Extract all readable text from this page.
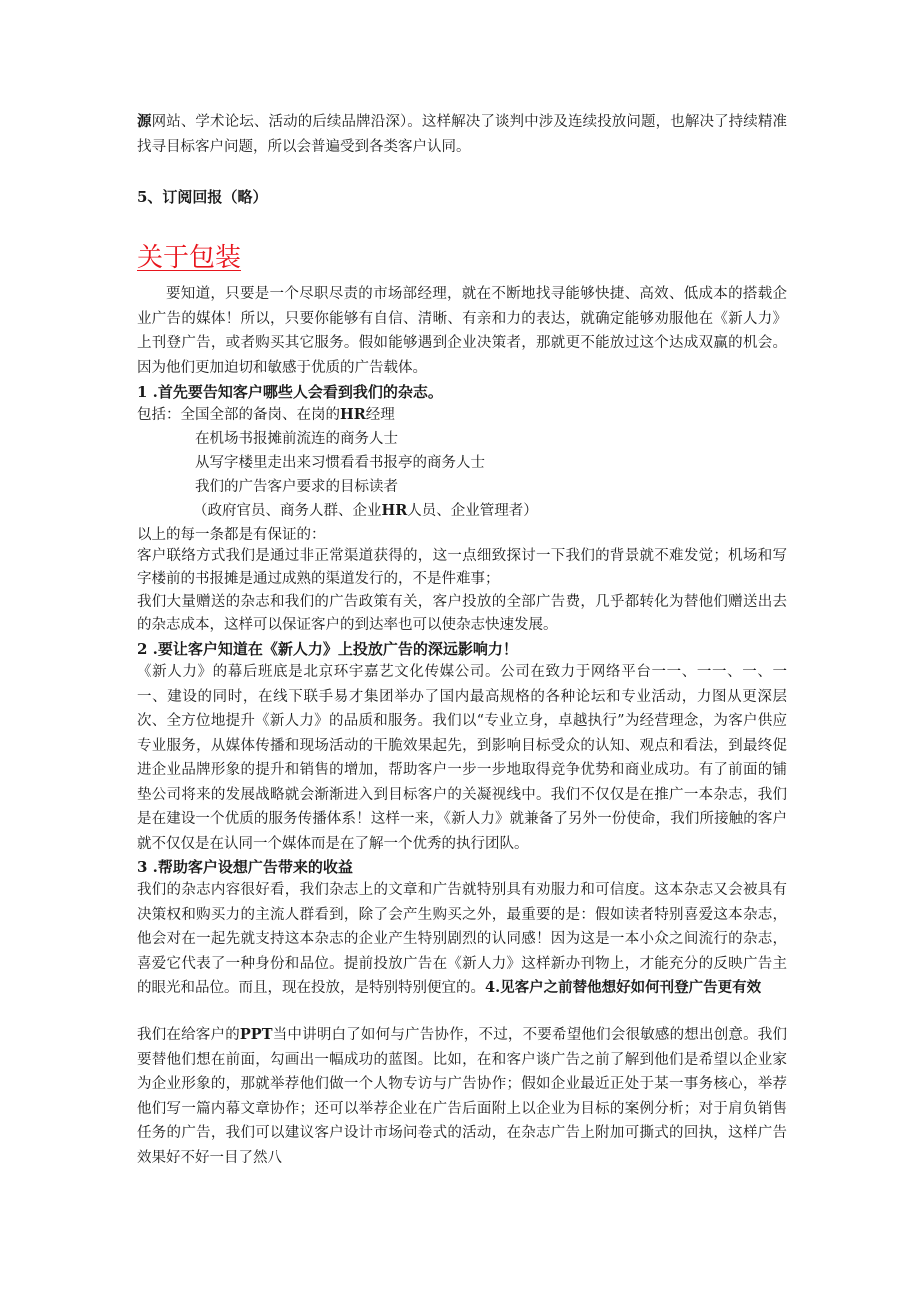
源网站、学术论坛、活动的后续品牌沿深）。这样解决了谈判中涉及连续投放问题，也解决了持续精准找寻目标客户问题，所以会普遍受到各类客户认同。

5、订阅回报（略）

关于包装

要知道，只要是一个尽职尽责的市场部经理，就在不断地找寻能够快捷、高效、低成本的搭载企业广告的媒体！所以，只要你能够有自信、清晰、有亲和力的表达，就确定能够劝服他在《新人力》上刊登广告，或者购买其它服务。假如能够遇到企业决策者，那就更不能放过这个达成双赢的机会。因为他们更加迫切和敏感于优质的广告载体。

1 .首先要告知客户哪些人会看到我们的杂志。

包括：全国全部的备岗、在岗的HR经理

在机场书报摊前流连的商务人士

从写字楼里走出来习惯看看书报亭的商务人士

我们的广告客户要求的目标读者

（政府官员、商务人群、企业HR人员、企业管理者）

以上的每一条都是有保证的：

客户联络方式我们是通过非正常渠道获得的，这一点细致探讨一下我们的背景就不难发觉；机场和写字楼前的书报摊是通过成熟的渠道发行的，不是件难事；

我们大量赠送的杂志和我们的广告政策有关，客户投放的全部广告费，几乎都转化为替他们赠送出去的杂志成本，这样可以保证客户的到达率也可以使杂志快速发展。

2 .要让客户知道在《新人力》上投放广告的深远影响力！

《新人力》的幕后班底是北京环宇嘉艺文化传媒公司。公司在致力于网络平台一一、一一、一、一一、建设的同时，在线下联手易才集团举办了国内最高规格的各种论坛和专业活动，力图从更深层次、全方位地提升《新人力》的品质和服务。我们以“专业立身，卓越执行”为经营理念，为客户供应专业服务，从媒体传播和现场活动的干脆效果起先，到影响目标受众的认知、观点和看法，到最终促进企业品牌形象的提升和销售的增加，帮助客户一步一步地取得竞争优势和商业成功。有了前面的铺垫公司将来的发展战略就会渐渐进入到目标客户的关凝视线中。我们不仅仅是在推广一本杂志，我们是在建设一个优质的服务传播体系！这样一来，《新人力》就兼备了另外一份使命，我们所接触的客户就不仅仅是在认同一个媒体而是在了解一个优秀的执行团队。

3 .帮助客户设想广告带来的收益

我们的杂志内容很好看，我们杂志上的文章和广告就特别具有劝服力和可信度。这本杂志又会被具有决策权和购买力的主流人群看到，除了会产生购买之外，最重要的是：假如读者特别喜爱这本杂志，他会对在一起先就支持这本杂志的企业产生特别剧烈的认同感！因为这是一本小众之间流行的杂志，喜爱它代表了一种身份和品位。提前投放广告在《新人力》这样新办刊物上，才能充分的反映广告主的眼光和品位。而且，现在投放，是特别特别便宜的。4.见客户之前替他想好如何刊登广告更有效

我们在给客户的PPT当中讲明白了如何与广告协作，不过，不要希望他们会很敏感的想出创意。我们要替他们想在前面，勾画出一幅成功的蓝图。比如，在和客户谈广告之前了解到他们是希望以企业家为企业形象的，那就举荐他们做一个人物专访与广告协作；假如企业最近正处于某一事务核心，举荐他们写一篇内幕文章协作；还可以举荐企业在广告后面附上以企业为目标的案例分析；对于肩负销售任务的广告，我们可以建议客户设计市场问卷式的活动，在杂志广告上附加可撕式的回执，这样广告效果好不好一目了然八
